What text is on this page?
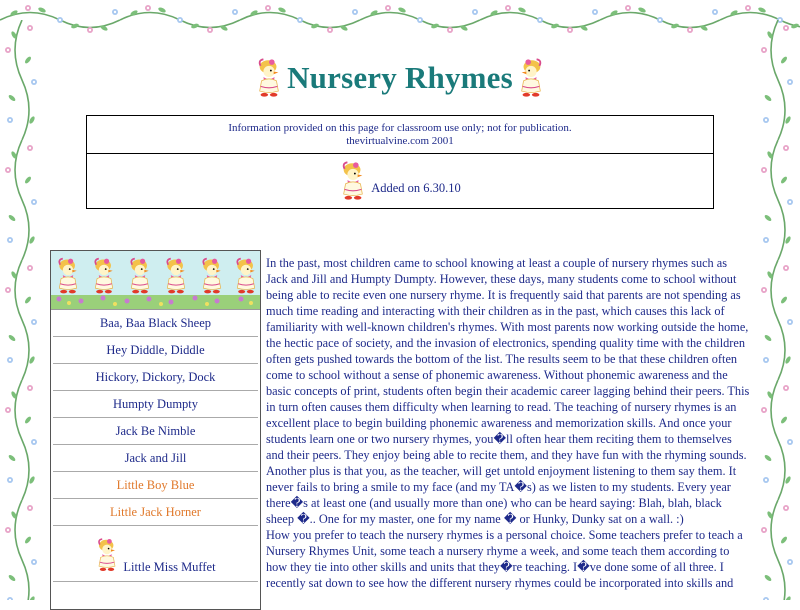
Nursery Rhymes
Information provided on this page for classroom use only; not for publication.
thevirtualvine.com 2001
Added on 6.30.10
Baa, Baa Black Sheep
Hey Diddle, Diddle
Hickory, Dickory, Dock
Humpty Dumpty
Jack Be Nimble
Jack and Jill
Little Boy Blue
Little Jack Horner
Little Miss Muffet

In the past, most children came to school knowing at least a couple of nursery rhymes such as Jack and Jill and Humpty Dumpty. However, these days, many students come to school without being able to recite even one nursery rhyme. It is frequently said that parents are not spending as much time reading and interacting with their children as in the past, which causes this lack of familiarity with well-known children's rhymes. With most parents now working outside the home, the hectic pace of society, and the invasion of electronics, spending quality time with the children often gets pushed towards the bottom of the list. The results seem to be that these children often come to school without a sense of phonemic awareness. Without phonemic awareness and the basic concepts of print, students often begin their academic career lagging behind their peers. This in turn often causes them difficulty when learning to read. The teaching of nursery rhymes is an excellent place to begin building phonemic awareness and memorization skills. And once your students learn one or two nursery rhymes, you�ll often hear them reciting them to themselves and their peers. They enjoy being able to recite them, and they have fun with the rhyming sounds. Another plus is that you, as the teacher, will get untold enjoyment listening to them say them. It never fails to bring a smile to my face (and my TA�s) as we listen to my students. Every year there�s at least one (and usually more than one) who can be heard saying: Blah, blah, black sheep �.. One for my master, one for my name � or Hunky, Dunky sat on a wall. :)

How you prefer to teach the nursery rhymes is a personal choice. Some teachers prefer to teach a Nursery Rhymes Unit, some teach a nursery rhyme a week, and some teach them according to how they tie into other skills and units that they�re teaching. I�ve done some of all three. I recently sat down to see how the different nursery rhymes could be incorporated into skills and
